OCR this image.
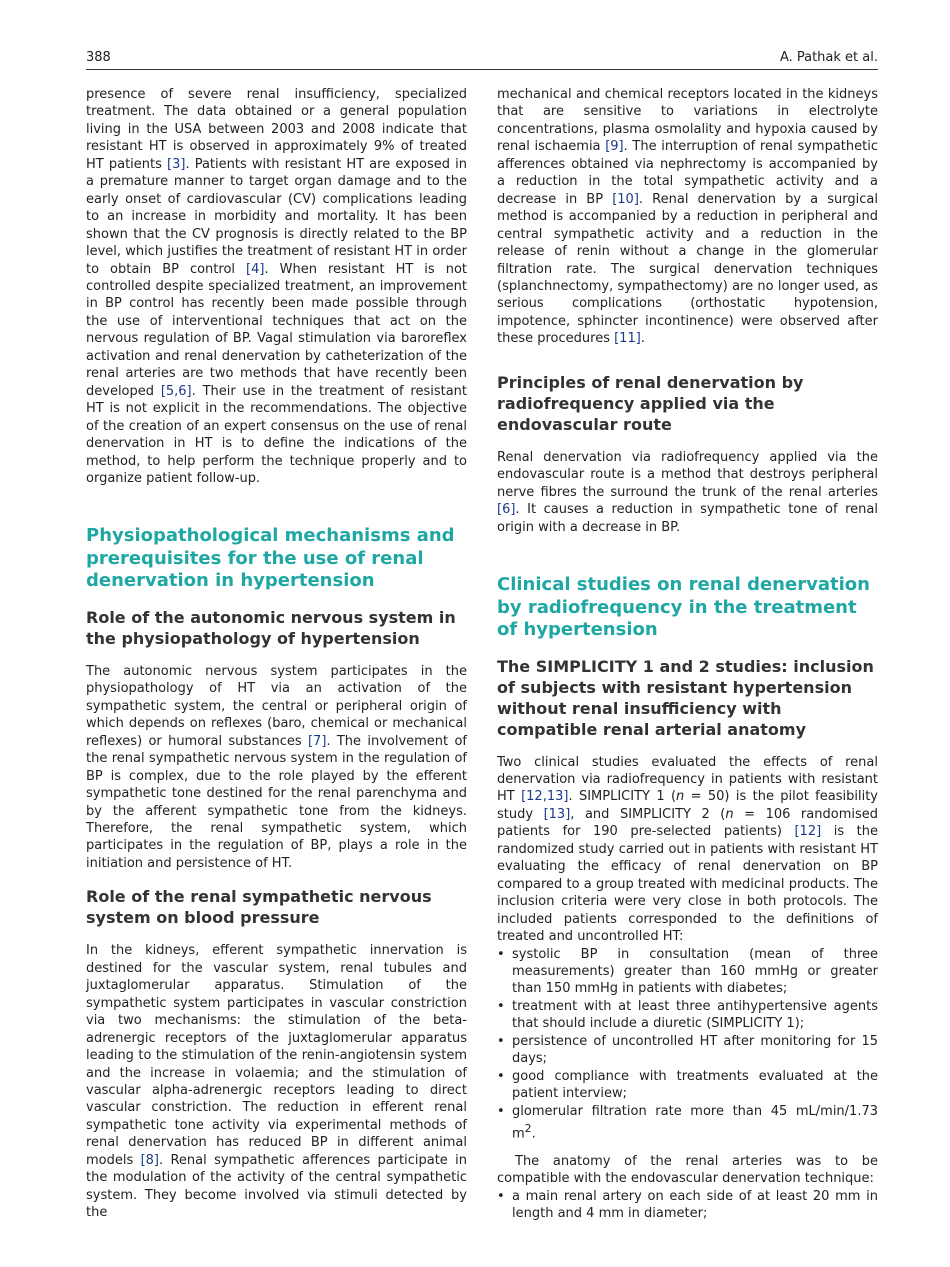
388	A. Pathak et al.

presence of severe renal insufficiency, specialized treatment. The data obtained or a general population living in the USA between 2003 and 2008 indicate that resistant HT is observed in approximately 9% of treated HT patients [3]. Patients with resistant HT are exposed in a premature manner to target organ damage and to the early onset of cardiovascular (CV) complications leading to an increase in morbidity and mortality. It has been shown that the CV prognosis is directly related to the BP level, which justifies the treatment of resistant HT in order to obtain BP control [4]. When resistant HT is not controlled despite specialized treatment, an improvement in BP control has recently been made possible through the use of interventional techniques that act on the nervous regulation of BP. Vagal stimulation via baroreflex activation and renal denervation by catheterization of the renal arteries are two methods that have recently been developed [5,6]. Their use in the treatment of resistant HT is not explicit in the recommendations. The objective of the creation of an expert consensus on the use of renal denervation in HT is to define the indications of the method, to help perform the technique properly and to organize patient follow-up.

Physiopathological mechanisms and prerequisites for the use of renal denervation in hypertension
Role of the autonomic nervous system in the physiopathology of hypertension

The autonomic nervous system participates in the physiopathology of HT via an activation of the sympathetic system, the central or peripheral origin of which depends on reflexes (baro, chemical or mechanical reflexes) or humoral substances [7]. The involvement of the renal sympathetic nervous system in the regulation of BP is complex, due to the role played by the efferent sympathetic tone destined for the renal parenchyma and by the afferent sympathetic tone from the kidneys. Therefore, the renal sympathetic system, which participates in the regulation of BP, plays a role in the initiation and persistence of HT.

Role of the renal sympathetic nervous system on blood pressure

In the kidneys, efferent sympathetic innervation is destined for the vascular system, renal tubules and juxtaglomerular apparatus. Stimulation of the sympathetic system participates in vascular constriction via two mechanisms: the stimulation of the beta-adrenergic receptors of the juxtaglomerular apparatus leading to the stimulation of the renin-angiotensin system and the increase in volaemia; and the stimulation of vascular alpha-adrenergic receptors leading to direct vascular constriction. The reduction in efferent renal sympathetic tone activity via experimental methods of renal denervation has reduced BP in different animal models [8]. Renal sympathetic afferences participate in the modulation of the activity of the central sympathetic system. They become involved via stimuli detected by the

mechanical and chemical receptors located in the kidneys that are sensitive to variations in electrolyte concentrations, plasma osmolality and hypoxia caused by renal ischaemia [9]. The interruption of renal sympathetic afferences obtained via nephrectomy is accompanied by a reduction in the total sympathetic activity and a decrease in BP [10]. Renal denervation by a surgical method is accompanied by a reduction in peripheral and central sympathetic activity and a reduction in the release of renin without a change in the glomerular filtration rate. The surgical denervation techniques (splanchnectomy, sympathectomy) are no longer used, as serious complications (orthostatic hypotension, impotence, sphincter incontinence) were observed after these procedures [11].

Principles of renal denervation by radiofrequency applied via the endovascular route

Renal denervation via radiofrequency applied via the endovascular route is a method that destroys peripheral nerve fibres the surround the trunk of the renal arteries [6]. It causes a reduction in sympathetic tone of renal origin with a decrease in BP.

Clinical studies on renal denervation by radiofrequency in the treatment of hypertension
The SIMPLICITY 1 and 2 studies: inclusion of subjects with resistant hypertension without renal insufficiency with compatible renal arterial anatomy

Two clinical studies evaluated the effects of renal denervation via radiofrequency in patients with resistant HT [12,13]. SIMPLICITY 1 (n = 50) is the pilot feasibility study [13], and SIMPLICITY 2 (n = 106 randomised patients for 190 pre-selected patients) [12] is the randomized study carried out in patients with resistant HT evaluating the efficacy of renal denervation on BP compared to a group treated with medicinal products. The inclusion criteria were very close in both protocols. The included patients corresponded to the definitions of treated and uncontrolled HT:

• systolic BP in consultation (mean of three measurements) greater than 160 mmHg or greater than 150 mmHg in patients with diabetes;
• treatment with at least three antihypertensive agents that should include a diuretic (SIMPLICITY 1);
• persistence of uncontrolled HT after monitoring for 15 days;
• good compliance with treatments evaluated at the patient interview;
• glomerular filtration rate more than 45 mL/min/1.73 $m^2$.

The anatomy of the renal arteries was to be compatible with the endovascular denervation technique:

• a main renal artery on each side of at least 20 mm in length and 4 mm in diameter;
